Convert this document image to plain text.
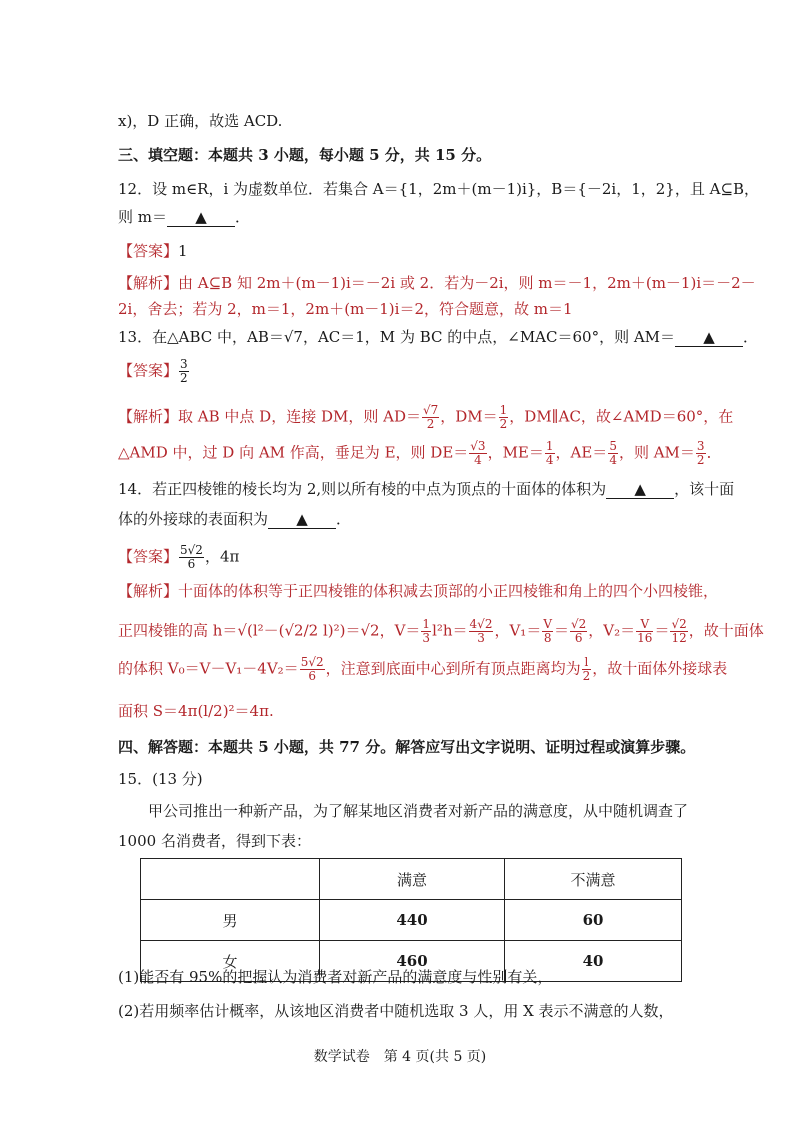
x)，D 正确，故选 ACD.
三、填空题：本题共 3 小题，每小题 5 分，共 15 分。
12．设 m∈R，i 为虚数单位．若集合 A＝{1，2m＋(m－1)i}，B＝{－2i，1，2}，且 A⊆B，
则 m＝ ▲ ．
【答案】1
【解析】由 A⊆B 知 2m＋(m－1)i＝－2i 或 2．若为－2i，则 m＝－1，2m＋(m－1)i＝－2－
2i，舍去；若为 2，m＝1，2m＋(m－1)i＝2，符合题意，故 m＝1
13．在△ABC 中，AB＝√7，AC＝1，M 为 BC 的中点，∠MAC＝60°，则 AM＝ ▲ ．
【答案】 $\frac{3}{2}$
【解析】取 AB 中点 D，连接 DM，则 $AD= \frac{√7}{2}$ ，$DM= \frac{1}{2}$ ，DM∥AC，故∠AMD＝60°，在
△AMD 中，过 D 向 AM 作高，垂足为 E，则 $DE= \frac{√3}{4}$ ，$ME= \frac{1}{4}$ ，$AE= \frac{5}{4}$ ，则 $AM= \frac{3}{2}$ ．
14．若正四棱锥的棱长均为 2,则以所有棱的中点为顶点的十面体的体积为 ▲ ，该十面
体的外接球的表面积为 ▲ ．
【答案】 $\frac{5√2}{6}$ ，4π
【解析】十面体的体积等于正四棱锥的体积减去顶部的小正四棱锥和角上的四个小四棱锥，
正四棱锥的高 h＝√(l²－(√2/2 l)²)＝√2，$V= \frac{1}{3} l^2h= \frac{4√2}{3}$ ，$V_1= \frac{V}{8} = \frac{√2}{6}$ ，$V_2= \frac{V}{16} = \frac{√2}{12}$ ，故十面体
的体积 $V_0=V-V_1-4V_2= \frac{5√2}{6}$ ，注意到底面中心到所有顶点距离均为 $\frac{l}{2}$ ，故十面体外接球表
面积 S＝4π(l/2)²＝4π.
四、解答题：本题共 5 小题，共 77 分。解答应写出文字说明、证明过程或演算步骤。
15．(13 分)
甲公司推出一种新产品，为了解某地区消费者对新产品的满意度，从中随机调查了
1000 名消费者，得到下表：
	满意	不满意
男	440	60
女	460	40
(1)能否有 95%的把握认为消费者对新产品的满意度与性别有关，
(2)若用频率估计概率，从该地区消费者中随机选取 3 人，用 X 表示不满意的人数，
数学试卷　第 4 页(共 5 页)
